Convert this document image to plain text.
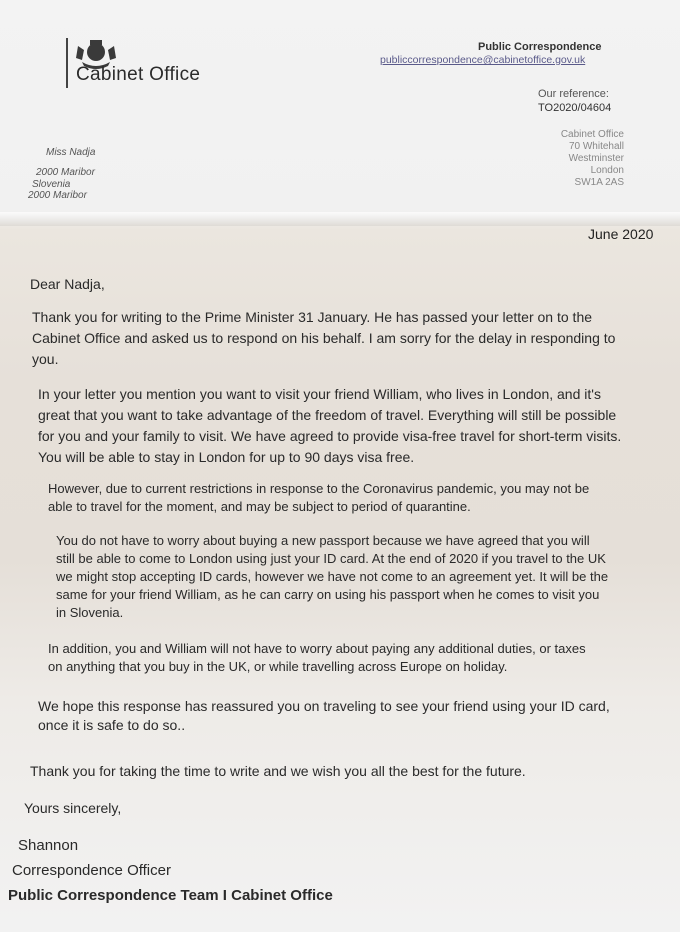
Cabinet Office
Public Correspondence
publiccorrespondence@cabinetoffice.gov.uk
Our reference:
TO2020/04604
Cabinet Office
70 Whitehall
Westminster
London
SW1A 2AS
Miss Nadja
2000 Maribor
Slovenia
2000 Maribor
June 2020
Dear Nadja,
Thank you for writing to the Prime Minister 31 January. He has passed your letter on to the
Cabinet Office and asked us to respond on his behalf. I am sorry for the delay in responding to
you.
In your letter you mention you want to visit your friend William, who lives in London, and it's
great that you want to take advantage of the freedom of travel. Everything will still be possible
for you and your family to visit. We have agreed to provide visa-free travel for short-term visits.
You will be able to stay in London for up to 90 days visa free.
However, due to current restrictions in response to the Coronavirus pandemic, you may not be
able to travel for the moment, and may be subject to period of quarantine.
You do not have to worry about buying a new passport because we have agreed that you will
still be able to come to London using just your ID card. At the end of 2020 if you travel to the UK
we might stop accepting ID cards, however we have not come to an agreement yet. It will be the
same for your friend William, as he can carry on using his passport when he comes to visit you
in Slovenia.
In addition, you and William will not have to worry about paying any additional duties, or taxes
on anything that you buy in the UK, or while travelling across Europe on holiday.
We hope this response has reassured you on traveling to see your friend using your ID card,
once it is safe to do so..
Thank you for taking the time to write and we wish you all the best for the future.
Yours sincerely,
Shannon
Correspondence Officer
Public Correspondence Team I Cabinet Office
